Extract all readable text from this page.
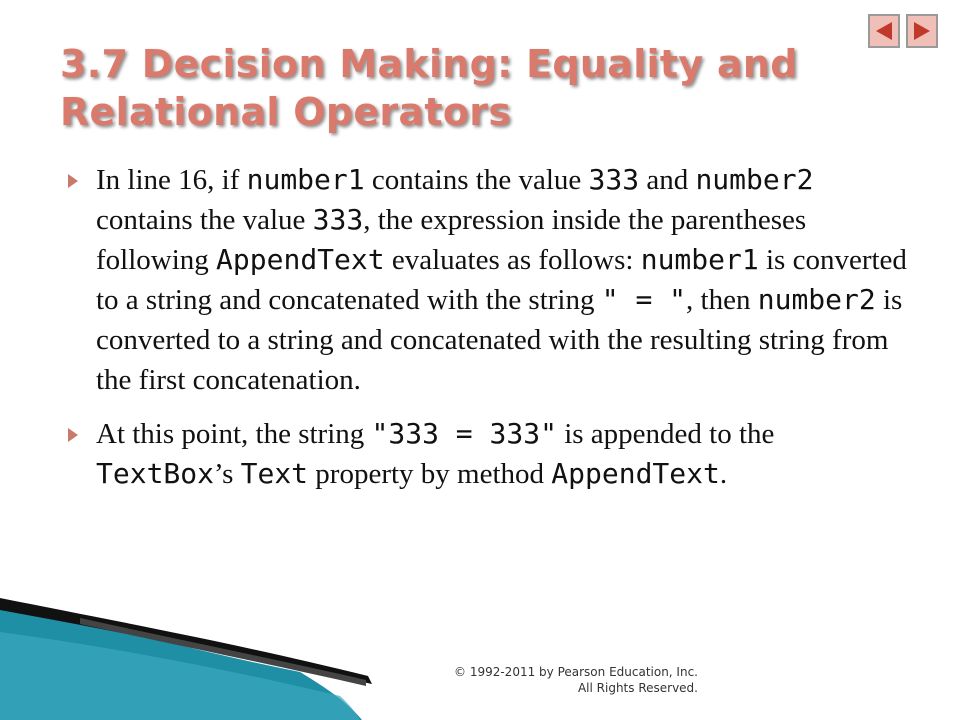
3.7 Decision Making: Equality and
Relational Operators
In line 16, if number1 contains the value 333 and number2 contains the value 333, the expression inside the parentheses following AppendText evaluates as follows: number1 is converted to a string and concatenated with the string " = ", then number2 is converted to a string and concatenated with the resulting string from the first concatenation.
At this point, the string "333 = 333" is appended to the TextBox’s Text property by method AppendText.
© 1992-2011 by Pearson Education, Inc.
All Rights Reserved.
